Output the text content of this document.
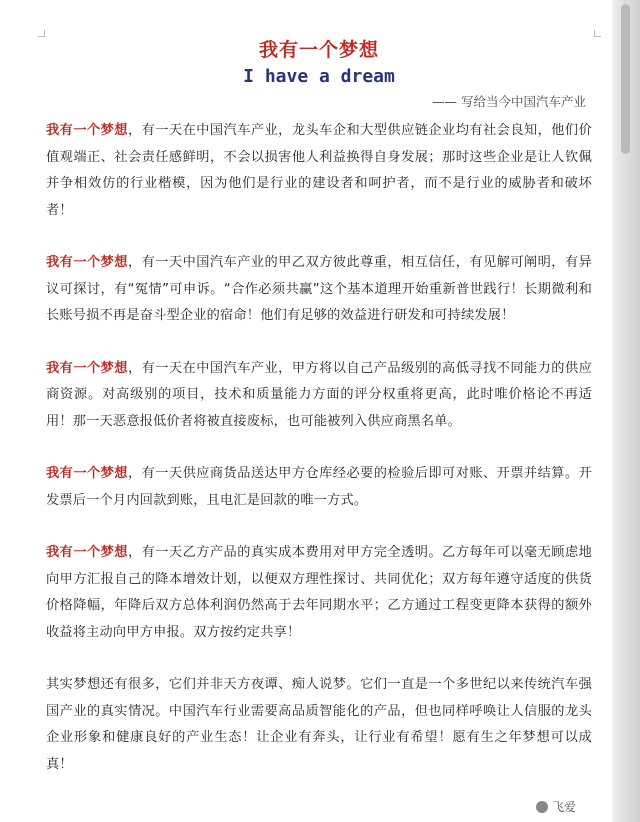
我有一个梦想
I have a dream
—— 写给当今中国汽车产业

我有一个梦想，有一天在中国汽车产业，龙头车企和大型供应链企业均有社会良知，他们价值观端正、社会责任感鲜明，不会以损害他人利益换得自身发展；那时这些企业是让人钦佩并争相效仿的行业楷模，因为他们是行业的建设者和呵护者，而不是行业的威胁者和破坏者！

我有一个梦想，有一天中国汽车产业的甲乙双方彼此尊重，相互信任，有见解可阐明，有异议可探讨，有“冤情”可申诉。“合作必须共赢”这个基本道理开始重新普世践行！长期微利和长账号损不再是奋斗型企业的宿命！他们有足够的效益进行研发和可持续发展！

我有一个梦想，有一天在中国汽车产业，甲方将以自己产品级别的高低寻找不同能力的供应商资源。对高级别的项目，技术和质量能力方面的评分权重将更高，此时唯价格论不再适用！那一天恶意报低价者将被直接废标，也可能被列入供应商黑名单。

我有一个梦想，有一天供应商货品送达甲方仓库经必要的检验后即可对账、开票并结算。开发票后一个月内回款到账，且电汇是回款的唯一方式。

我有一个梦想，有一天乙方产品的真实成本费用对甲方完全透明。乙方每年可以毫无顾虑地向甲方汇报自己的降本增效计划，以便双方理性探讨、共同优化；双方每年遵守适度的供货价格降幅，年降后双方总体利润仍然高于去年同期水平；乙方通过工程变更降本获得的额外收益将主动向甲方申报。双方按约定共享！

其实梦想还有很多，它们并非天方夜谭、痴人说梦。它们一直是一个多世纪以来传统汽车强国产业的真实情况。中国汽车行业需要高品质智能化的产品，但也同样呼唤让人信服的龙头企业形象和健康良好的产业生态！让企业有奔头，让行业有希望！愿有生之年梦想可以成真！

飞爱
